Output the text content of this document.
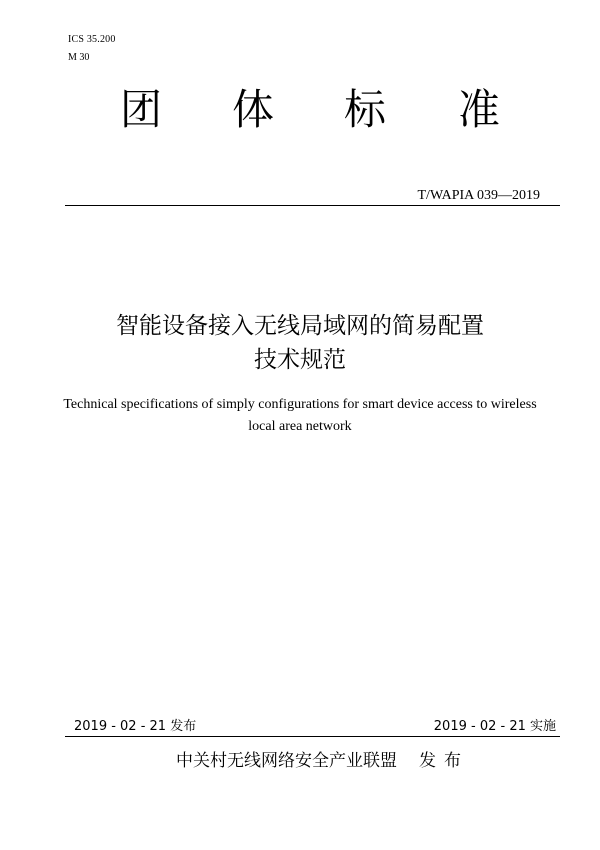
ICS 35.200
M 30
团 体 标 准
T/WAPIA 039—2019
智能设备接入无线局域网的简易配置
技术规范
Technical specifications of simply configurations for smart device access to wireless
local area network
2019 - 02 - 21 发布	2019 - 02 - 21 实施
中关村无线网络安全产业联盟 发布
